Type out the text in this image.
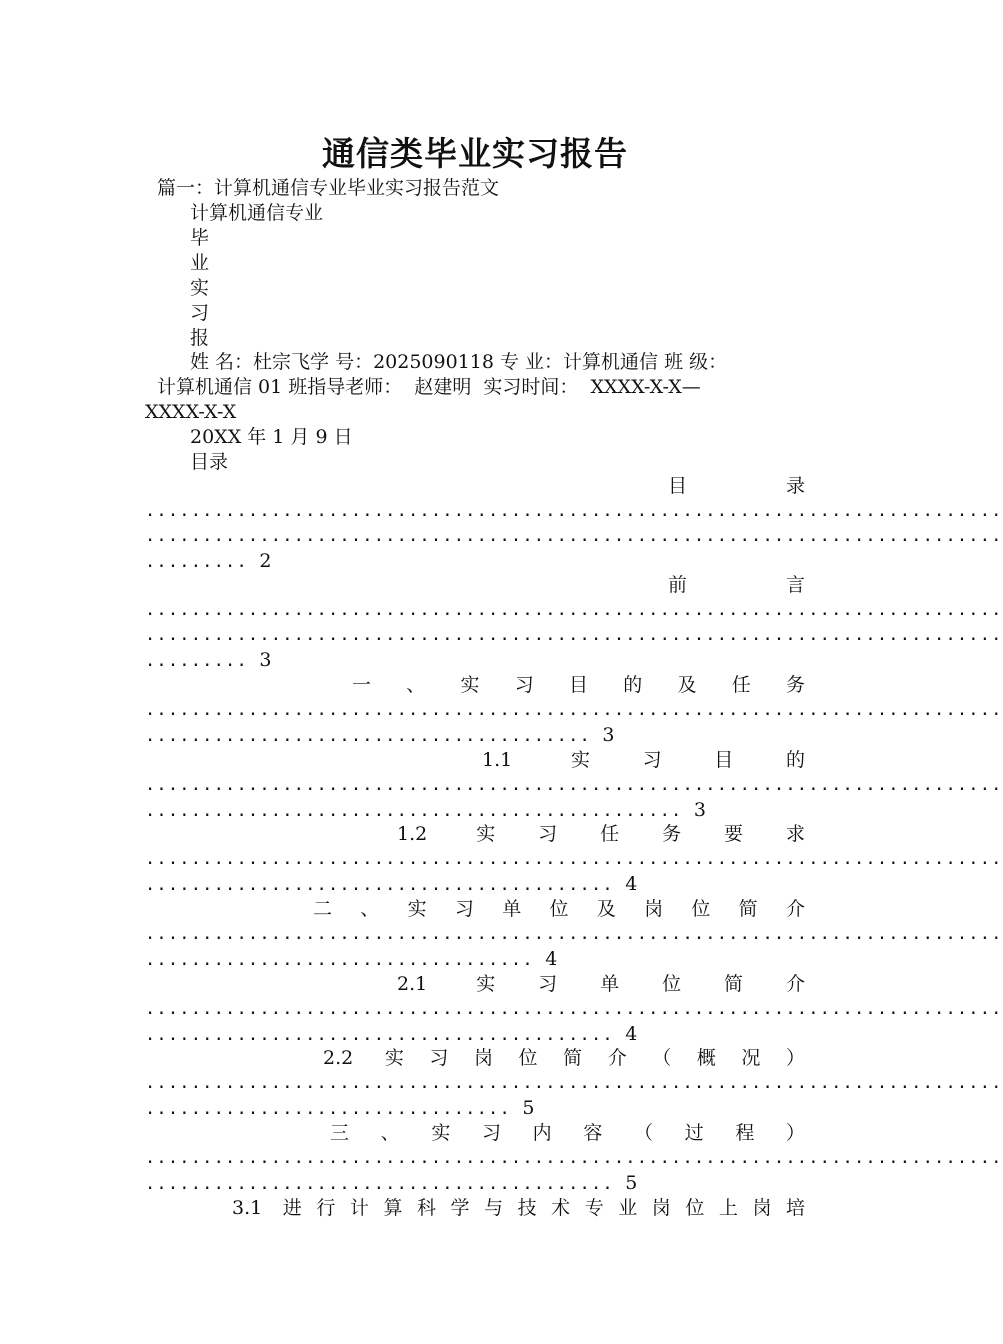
通信类毕业实习报告
篇一：计算机通信专业毕业实习报告范文
计算机通信专业
毕
业
实
习
报
姓 名：杜宗飞学 号：2025090118 专 业：计算机通信 班 级：
计算机通信 01 班指导老师：  赵建明  实习时间：  XXXX-X-X—
XXXX-X-X
20XX 年 1 月 9 日
目录
目录
...........................................................................
...........................................................................
......... 2
前言
...........................................................................
...........................................................................
......... 3
一、实习目的及任务
...........................................................................
....................................... 3
1.1 实习目的
...........................................................................
............................................... 3
1.2 实习任务要求
...........................................................................
......................................... 4
二、实习单位及岗位简介
...........................................................................
.................................. 4
2.1 实习单位简介
...........................................................................
......................................... 4
2.2 实习岗位简介（概况）
...........................................................................
................................ 5
三、实习内容（过程）
...........................................................................
......................................... 5
3.1 进行计算科学与技术专业岗位上岗培
